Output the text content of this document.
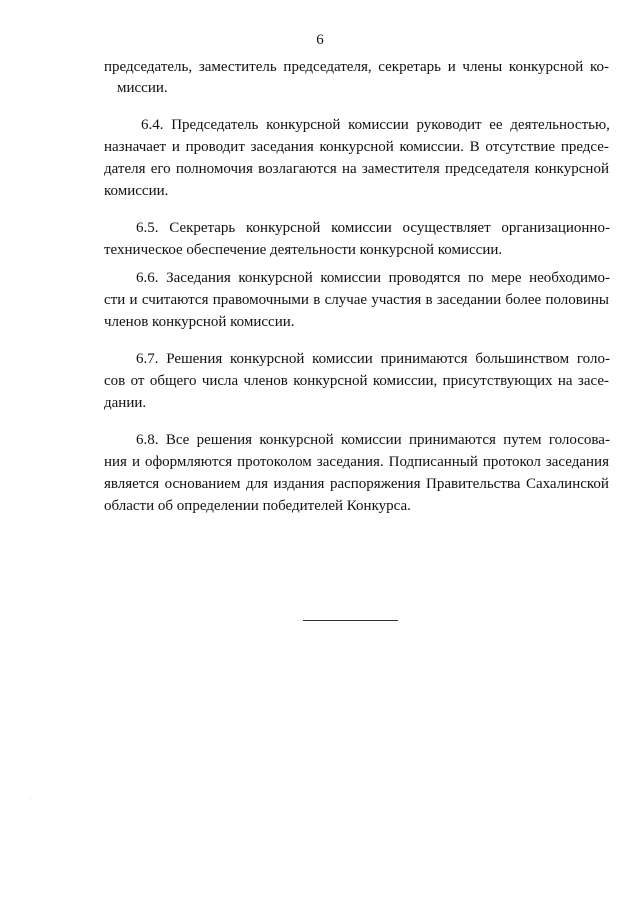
6
председатель, заместитель председателя, секретарь и члены конкурсной ко-
миссии.

6.4. Председатель конкурсной комиссии руководит ее деятельностью,
назначает и проводит заседания конкурсной комиссии. В отсутствие предсе-
дателя его полномочия возлагаются на заместителя председателя конкурсной
комиссии.

6.5. Секретарь конкурсной комиссии осуществляет организационно-
техническое
обеспечение
деятельности
конкурсной
комиссии.

6.6. Заседания конкурсной комиссии проводятся по мере необходимо-
сти и считаются правомочными в случае участия в заседании более половины
членов
конкурсной
комиссии.

6.7. Решения конкурсной комиссии принимаются большинством голо-
сов от общего числа членов конкурсной комиссии, присутствующих на засе-
дании.

6.8. Все решения конкурсной комиссии принимаются путем голосова-
ния и оформляются протоколом заседания. Подписанный протокол заседания
является основанием для издания распоряжения Правительства Сахалинской
области
об
определении
победителей
Конкурса.
